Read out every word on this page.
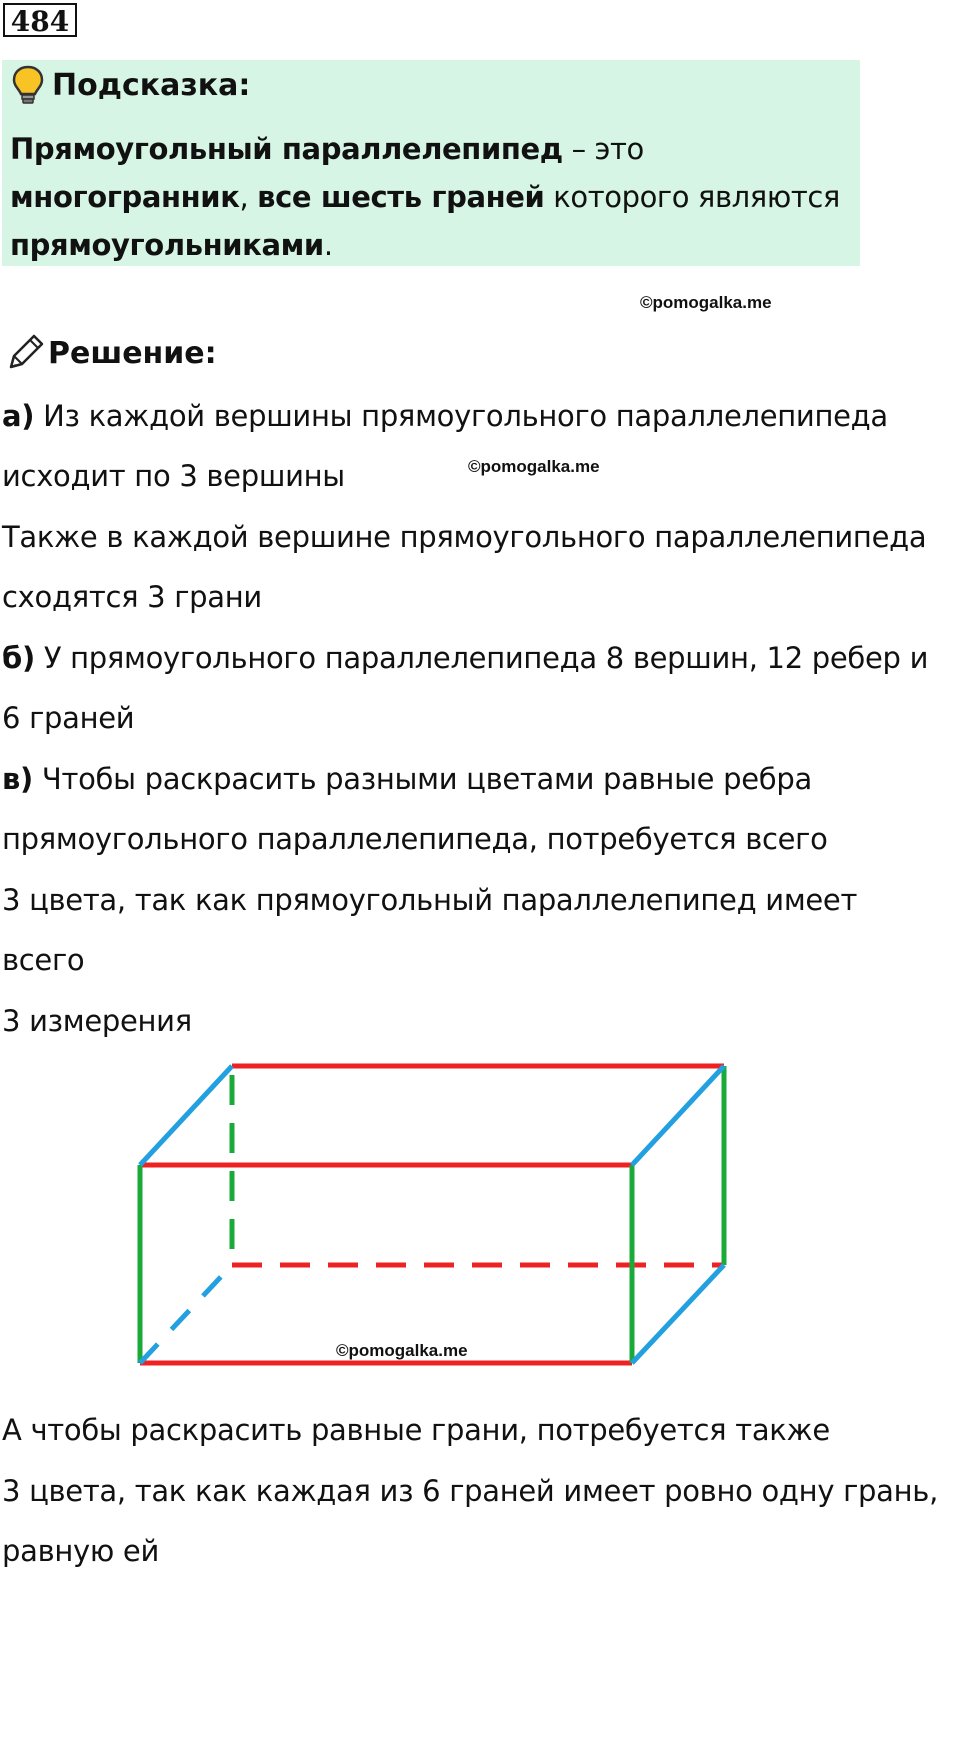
484
Подсказка:
Прямоугольный параллелепипед – это многогранник, все шесть граней которого являются прямоугольниками.
©pomogalka.me
Решение:
а) Из каждой вершины прямоугольного параллелепипеда
исходит по 3 вершины	©pomogalka.me
Также в каждой вершине прямоугольного параллелепипеда
сходятся 3 грани
б) У прямоугольного параллелепипеда 8 вершин, 12 ребер и
6 граней
в) Чтобы раскрасить разными цветами равные ребра
прямоугольного параллелепипеда, потребуется всего
3 цвета, так как прямоугольный параллелепипед имеет
всего
3 измерения
©pomogalka.me
А чтобы раскрасить равные грани, потребуется также
3 цвета, так как каждая из 6 граней имеет ровно одну грань,
равную ей
